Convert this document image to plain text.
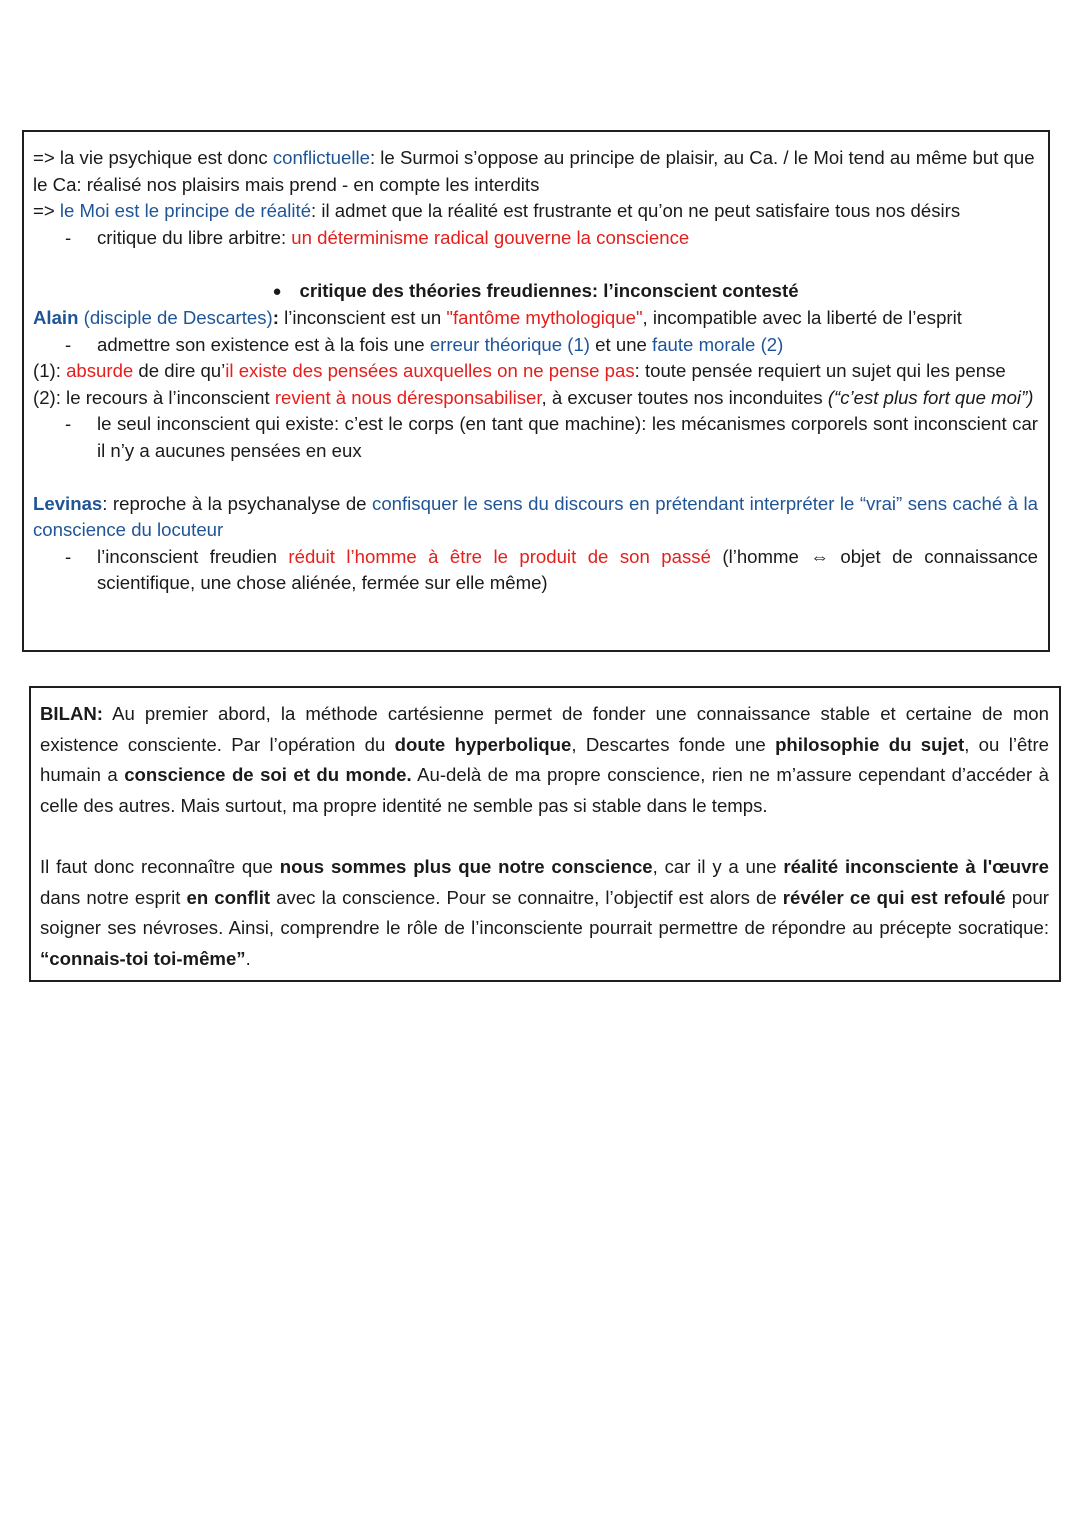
=> la vie psychique est donc conflictuelle: le Surmoi s’oppose au principe de plaisir, au Ca. / le Moi tend au même but que le Ca: réalisé nos plaisirs mais prend - en compte les interdits

=> le Moi est le principe de réalité: il admet que la réalité est frustrante et qu’on ne peut satisfaire tous nos désirs

- critique du libre arbitre: un déterminisme radical gouverne la conscience

● critique des théories freudiennes: l’inconscient contesté

Alain (disciple de Descartes): l’inconscient est un "fantôme mythologique", incompatible avec la liberté de l’esprit

- admettre son existence est à la fois une erreur théorique (1) et une faute morale (2)

(1): absurde de dire qu’il existe des pensées auxquelles on ne pense pas: toute pensée requiert un sujet qui les pense

(2): le recours à l’inconscient revient à nous déresponsabiliser, à excuser toutes nos inconduites (“c’est plus fort que moi”)

- le seul inconscient qui existe: c’est le corps (en tant que machine): les mécanismes corporels sont inconscient car il n’y a aucunes pensées en eux

Levinas: reproche à la psychanalyse de confisquer le sens du discours en prétendant interpréter le “vrai” sens caché à la conscience du locuteur

- l’inconscient freudien réduit l’homme à être le produit de son passé (l’homme ⇔ objet de connaissance scientifique, une chose aliénée, fermée sur elle même)

BILAN: Au premier abord, la méthode cartésienne permet de fonder une connaissance stable et certaine de mon existence consciente. Par l’opération du doute hyperbolique, Descartes fonde une philosophie du sujet, ou l’être humain a conscience de soi et du monde. Au-delà de ma propre conscience, rien ne m’assure cependant d’accéder à celle des autres. Mais surtout, ma propre identité ne semble pas si stable dans le temps.

Il faut donc reconnaître que nous sommes plus que notre conscience, car il y a une réalité inconsciente à l'œuvre dans notre esprit en conflit avec la conscience. Pour se connaitre, l’objectif est alors de révéler ce qui est refoulé pour soigner ses névroses. Ainsi, comprendre le rôle de l’inconsciente pourrait permettre de répondre au précepte socratique: “connais-toi toi-même”.
